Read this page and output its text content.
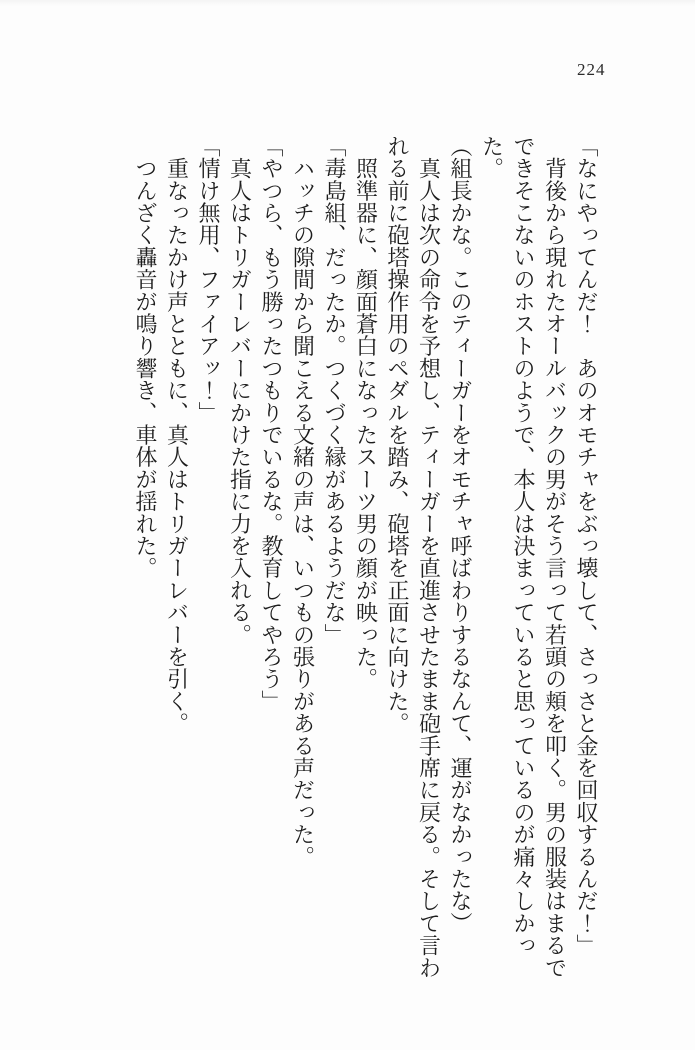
224
「なにやってんだ！　あのオモチャをぶっ壊して、さっさと金を回収するんだ！」
　背後から現れたオールバックの男がそう言って若頭の頬を叩く。男の服装はまるで
できそこないのホストのようで、本人は決まっていると思っているのが痛々しかった。
（組長かな。このティーガーをオモチャ呼ばわりするなんて、運がなかったな）
　真人は次の命令を予想し、ティーガーを直進させたまま砲手席に戻る。そして言わ
れる前に砲塔操作用のペダルを踏み、砲塔を正面に向けた。
　照準器に、顔面蒼白になったスーツ男の顔が映った。
「毒島組、だったか。つくづく縁があるようだな」
　ハッチの隙間から聞こえる文緒の声は、いつもの張りがある声だった。
「やつら、もう勝ったつもりでいるな。教育してやろう」
　真人はトリガーレバーにかけた指に力を入れる。
「情け無用、ファイアッ！」
　重なったかけ声とともに、真人はトリガーレバーを引く。
　つんざく轟音が鳴り響き、車体が揺れた。
